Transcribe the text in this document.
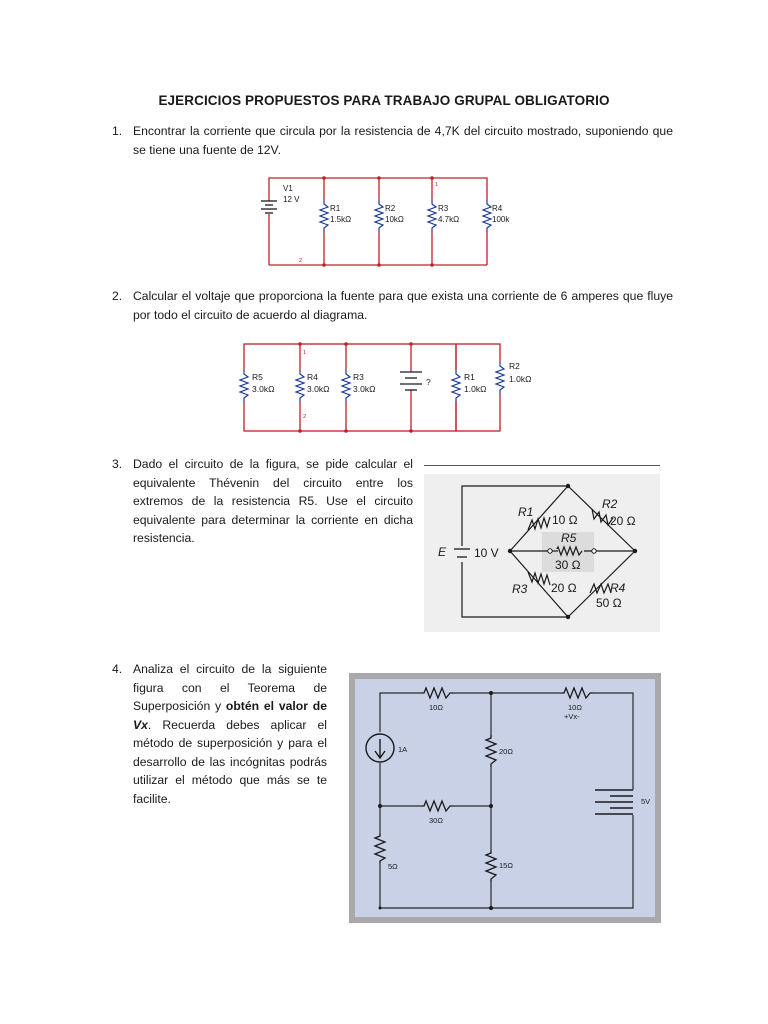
EJERCICIOS PROPUESTOS PARA TRABAJO GRUPAL OBLIGATORIO
1. Encontrar la corriente que circula por la resistencia de 4,7K del circuito mostrado, suponiendo que se tiene una fuente de 12V.
V1
12 V
R1
1.5kΩ
R2
10kΩ
R3
4.7kΩ
R4
100k
1
2
2. Calcular el voltaje que proporciona la fuente para que exista una corriente de 6 amperes que fluye por todo el circuito de acuerdo al diagrama.
R5
3.0kΩ
R4
3.0kΩ
R3
3.0kΩ
?	R1
1.0kΩ
R2
1.0kΩ
1
2
3. Dado el circuito de la figura, se pide calcular el equivalente Thévenin del circuito entre los extremos de la resistencia R5. Use el circuito equivalente para determinar la corriente en dicha resistencia.
E 10 V
R1
10 Ω
R2
20 Ω
R5
30 Ω
R3 20 Ω	R4
50 Ω
4. Analiza el circuito de la siguiente figura con el Teorema de Superposición y obtén el valor de Vx. Recuerda debes aplicar el método de superposición y para el desarrollo de las incógnitas podrás utilizar el método que más se te facilite.

1A
5V
10Ω	10Ω
+Vx-
20Ω
30Ω
5Ω	15Ω
